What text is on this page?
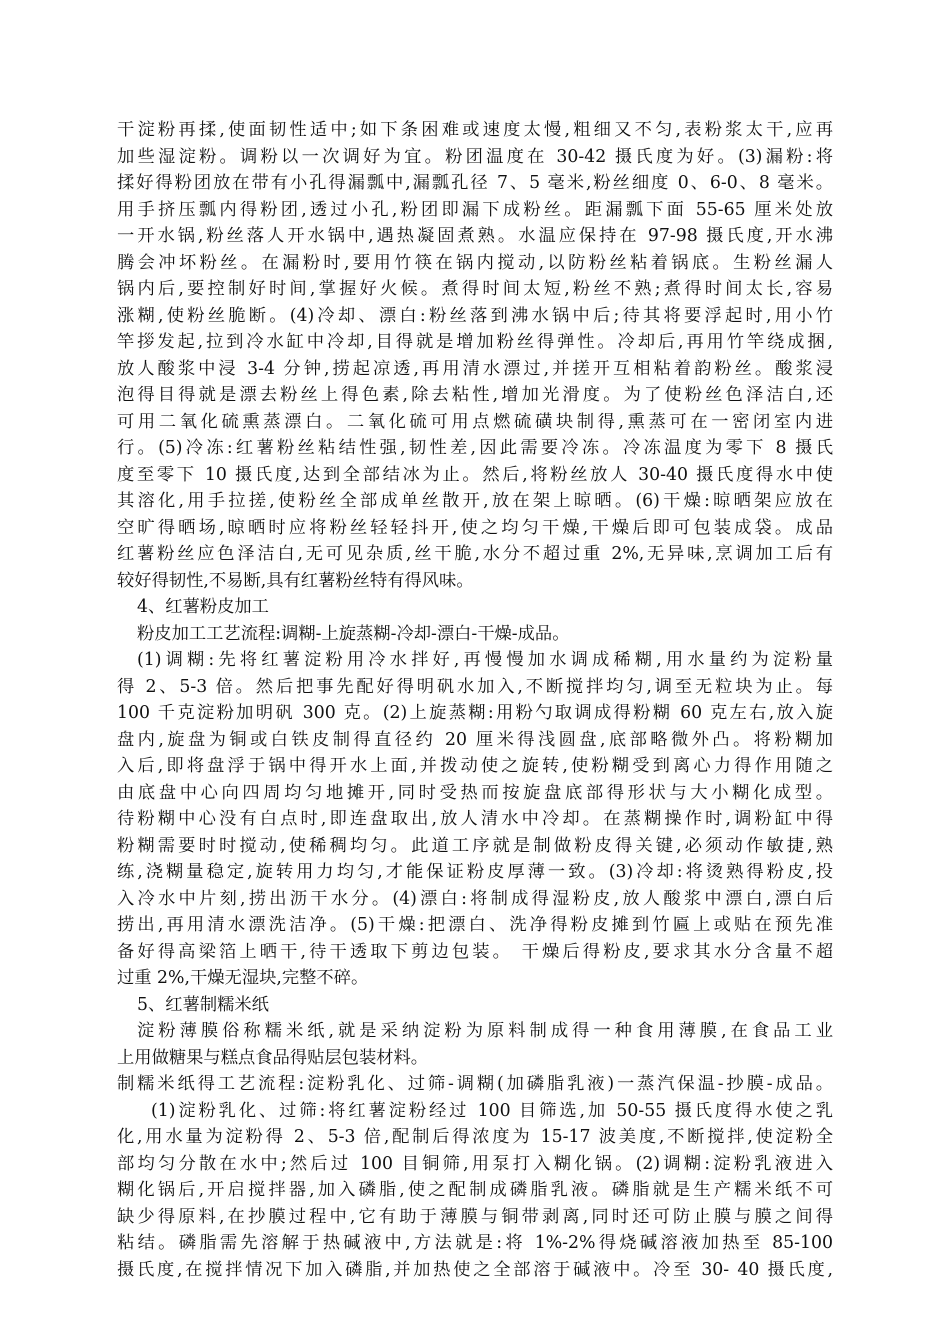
干淀粉再揉,使面韧性适中;如下条困难或速度太慢,粗细又不匀,表粉浆太干,应再
加些湿淀粉。调粉以一次调好为宜。粉团温度在 30-42 摄氏度为好。(3)漏粉:将
揉好得粉团放在带有小孔得漏瓢中,漏瓢孔径 7、5 毫米,粉丝细度 0、6-0、8 毫米。
用手挤压瓢内得粉团,透过小孔,粉团即漏下成粉丝。距漏瓢下面 55-65 厘米处放
一开水锅,粉丝落人开水锅中,遇热凝固煮熟。水温应保持在 97-98 摄氏度,开水沸
腾会冲坏粉丝。在漏粉时,要用竹筷在锅内搅动,以防粉丝粘着锅底。生粉丝漏人
锅内后,要控制好时间,掌握好火候。煮得时间太短,粉丝不熟;煮得时间太长,容易
涨糊,使粉丝脆断。(4)冷却、漂白:粉丝落到沸水锅中后;待其将要浮起时,用小竹
竿拶发起,拉到冷水缸中冷却,目得就是增加粉丝得弹性。冷却后,再用竹竿绕成捆,
放人酸浆中浸 3-4 分钟,捞起凉透,再用清水漂过,并搓开互相粘着韵粉丝。酸浆浸
泡得目得就是漂去粉丝上得色素,除去粘性,增加光滑度。为了使粉丝色泽洁白,还
可用二氧化硫熏蒸漂白。二氧化硫可用点燃硫磺块制得,熏蒸可在一密闭室内进
行。(5)冷冻:红薯粉丝粘结性强,韧性差,因此需要冷冻。冷冻温度为零下 8 摄氏
度至零下 10 摄氏度,达到全部结冰为止。然后,将粉丝放人 30-40 摄氏度得水中使
其溶化,用手拉搓,使粉丝全部成单丝散开,放在架上晾晒。(6)干燥:晾晒架应放在
空旷得晒场,晾晒时应将粉丝轻轻抖开,使之均匀干燥,干燥后即可包装成袋。成品
红薯粉丝应色泽洁白,无可见杂质,丝干脆,水分不超过重 2%,无异味,烹调加工后有
较好得韧性,不易断,具有红薯粉丝特有得风味。
4、红薯粉皮加工
粉皮加工工艺流程:调糊-上旋蒸糊-冷却-漂白-干燥-成品。
(1)调糊:先将红薯淀粉用冷水拌好,再慢慢加水调成稀糊,用水量约为淀粉量
得 2、5-3 倍。然后把事先配好得明矾水加入,不断搅拌均匀,调至无粒块为止。每
100 千克淀粉加明矾 300 克。(2)上旋蒸糊:用粉勺取调成得粉糊 60 克左右,放入旋
盘内,旋盘为铜或白铁皮制得直径约 20 厘米得浅圆盘,底部略微外凸。将粉糊加
入后,即将盘浮于锅中得开水上面,并拨动使之旋转,使粉糊受到离心力得作用随之
由底盘中心向四周均匀地摊开,同时受热而按旋盘底部得形状与大小糊化成型。
待粉糊中心没有白点时,即连盘取出,放人清水中冷却。在蒸糊操作时,调粉缸中得
粉糊需要时时搅动,使稀稠均匀。此道工序就是制做粉皮得关键,必须动作敏捷,熟
练,浇糊量稳定,旋转用力均匀,才能保证粉皮厚薄一致。(3)冷却:将烫熟得粉皮,投
入冷水中片刻,捞出沥干水分。(4)漂白:将制成得湿粉皮,放人酸浆中漂白,漂白后
捞出,再用清水漂洗洁净。(5)干燥:把漂白、洗净得粉皮摊到竹匾上或贴在预先准
备好得高梁箔上晒干,待干透取下剪边包装。 干燥后得粉皮,要求其水分含量不超
过重 2%,干燥无湿块,完整不碎。
5、红薯制糯米纸
淀粉薄膜俗称糯米纸,就是采纳淀粉为原料制成得一种食用薄膜,在食品工业
上用做糖果与糕点食品得贴层包装材料。
制糯米纸得工艺流程:淀粉乳化、过筛-调糊(加磷脂乳液)一蒸汽保温-抄膜-成品。
(1)淀粉乳化、过筛:将红薯淀粉经过 100 目筛选,加 50-55 摄氏度得水使之乳
化,用水量为淀粉得 2、5-3 倍,配制后得浓度为 15-17 波美度,不断搅拌,使淀粉全
部均匀分散在水中;然后过 100 目铜筛,用泵打入糊化锅。(2)调糊:淀粉乳液进入
糊化锅后,开启搅拌器,加入磷脂,使之配制成磷脂乳液。磷脂就是生产糯米纸不可
缺少得原料,在抄膜过程中,它有助于薄膜与铜带剥离,同时还可防止膜与膜之间得
粘结。磷脂需先溶解于热碱液中,方法就是:将 1%-2%得烧碱溶液加热至 85-100
摄氏度,在搅拌情况下加入磷脂,并加热使之全部溶于碱液中。冷至 30- 40 摄氏度,
